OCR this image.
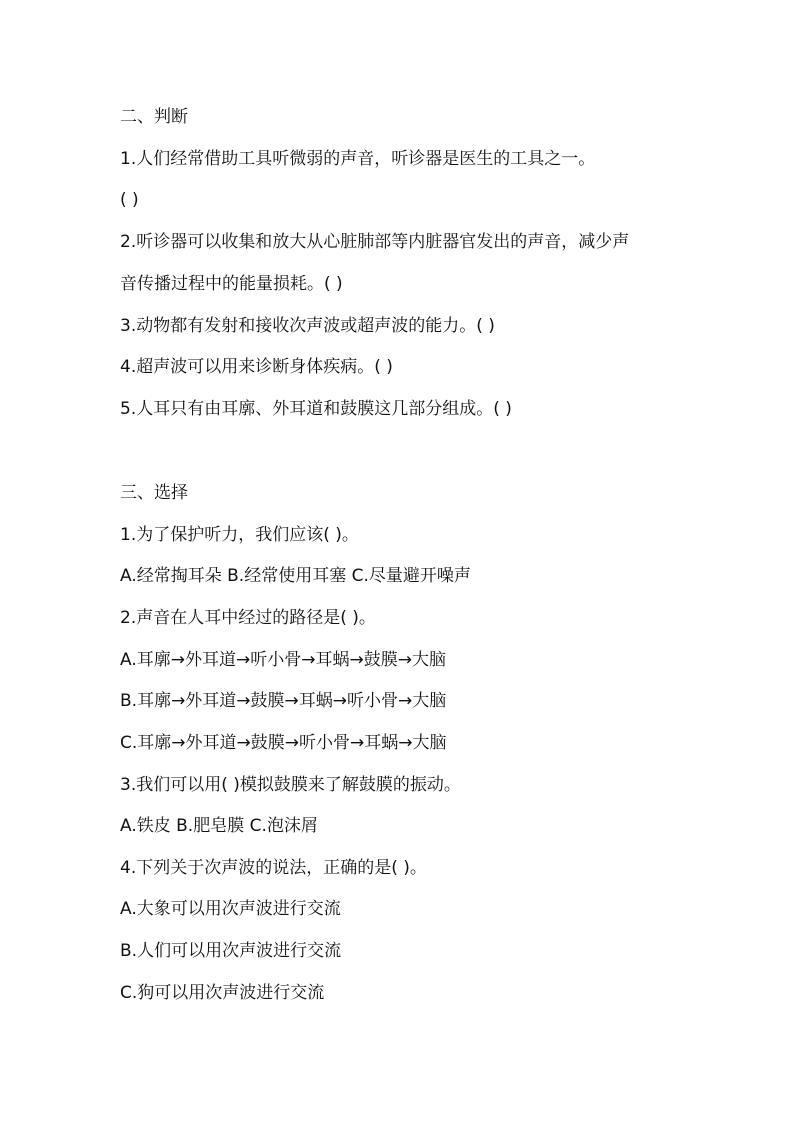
二、判断
1.人们经常借助工具听微弱的声音，听诊器是医生的工具之一。
( )
2.听诊器可以收集和放大从心脏肺部等内脏器官发出的声音，减少声
音传播过程中的能量损耗。( )
3.动物都有发射和接收次声波或超声波的能力。( )
4.超声波可以用来诊断身体疾病。( )
5.人耳只有由耳廓、外耳道和鼓膜这几部分组成。( )
三、选择
1.为了保护听力，我们应该( )。
A.经常掏耳朵 B.经常使用耳塞 C.尽量避开噪声
2.声音在人耳中经过的路径是( )。
A.耳廓→外耳道→听小骨→耳蜗→鼓膜→大脑
B.耳廓→外耳道→鼓膜→耳蜗→听小骨→大脑
C.耳廓→外耳道→鼓膜→听小骨→耳蜗→大脑
3.我们可以用( )模拟鼓膜来了解鼓膜的振动。
A.铁皮 B.肥皂膜 C.泡沫屑
4.下列关于次声波的说法，正确的是( )。
A.大象可以用次声波进行交流
B.人们可以用次声波进行交流
C.狗可以用次声波进行交流
